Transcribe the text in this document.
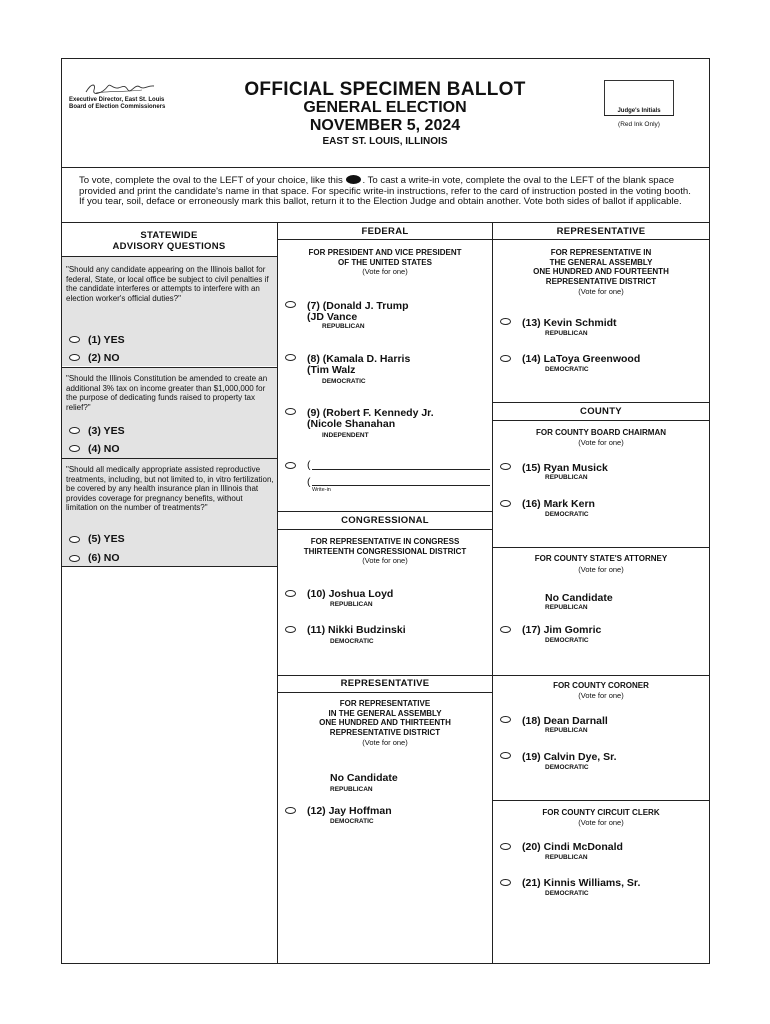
Executive Director, East St. Louis
Board of Election Commissioners
OFFICIAL SPECIMEN BALLOT
GENERAL ELECTION
NOVEMBER 5, 2024
EAST ST. LOUIS, ILLINOIS
Judge's Initials
(Red Ink Only)
To vote, complete the oval to the LEFT of your choice, like this . To cast a write-in vote, complete the oval to the LEFT of the blank space provided and print the candidate's name in that space. For specific write-in instructions, refer to the card of instruction posted in the voting booth. If you tear, soil, deface or erroneously mark this ballot, return it to the Election Judge and obtain another. Vote both sides of ballot if applicable.
STATEWIDE
ADVISORY QUESTIONS
"Should any candidate appearing on the Illinois ballot for federal, State, or local office be subject to civil penalties if the candidate interferes or attempts to interfere with an election worker's official duties?"
(1) YES
(2) NO
"Should the Illinois Constitution be amended to create an additional 3% tax on income greater than $1,000,000 for the purpose of dedicating funds raised to property tax relief?"
(3) YES
(4) NO
"Should all medically appropriate assisted reproductive treatments, including, but not limited to, in vitro fertilization, be covered by any health insurance plan in Illinois that provides coverage for pregnancy benefits, without limitation on the number of treatments?"
(5) YES
(6) NO
FEDERAL
FOR PRESIDENT AND VICE PRESIDENT
OF THE UNITED STATES
(Vote for one)
(7) (Donald J. Trump
(JD Vance
REPUBLICAN
(8) (Kamala D. Harris
(Tim Walz
DEMOCRATIC
(9) (Robert F. Kennedy Jr.
(Nicole Shanahan
INDEPENDENT
(
(
Write-in
CONGRESSIONAL
FOR REPRESENTATIVE IN CONGRESS
THIRTEENTH CONGRESSIONAL DISTRICT
(Vote for one)
(10) Joshua Loyd
REPUBLICAN
(11) Nikki Budzinski
DEMOCRATIC
REPRESENTATIVE
FOR REPRESENTATIVE
IN THE GENERAL ASSEMBLY
ONE HUNDRED AND THIRTEENTH
REPRESENTATIVE DISTRICT
(Vote for one)
No Candidate
REPUBLICAN
(12) Jay Hoffman
DEMOCRATIC
REPRESENTATIVE
FOR REPRESENTATIVE IN
THE GENERAL ASSEMBLY
ONE HUNDRED AND FOURTEENTH
REPRESENTATIVE DISTRICT
(Vote for one)
(13) Kevin Schmidt
REPUBLICAN
(14) LaToya Greenwood
DEMOCRATIC
COUNTY
FOR COUNTY BOARD CHAIRMAN
(Vote for one)
(15) Ryan Musick
REPUBLICAN
(16) Mark Kern
DEMOCRATIC
FOR COUNTY STATE'S ATTORNEY
(Vote for one)
No Candidate
REPUBLICAN
(17) Jim Gomric
DEMOCRATIC
FOR COUNTY CORONER
(Vote for one)
(18) Dean Darnall
REPUBLICAN
(19) Calvin Dye, Sr.
DEMOCRATIC
FOR COUNTY CIRCUIT CLERK
(Vote for one)
(20) Cindi McDonald
REPUBLICAN
(21) Kinnis Williams, Sr.
DEMOCRATIC
